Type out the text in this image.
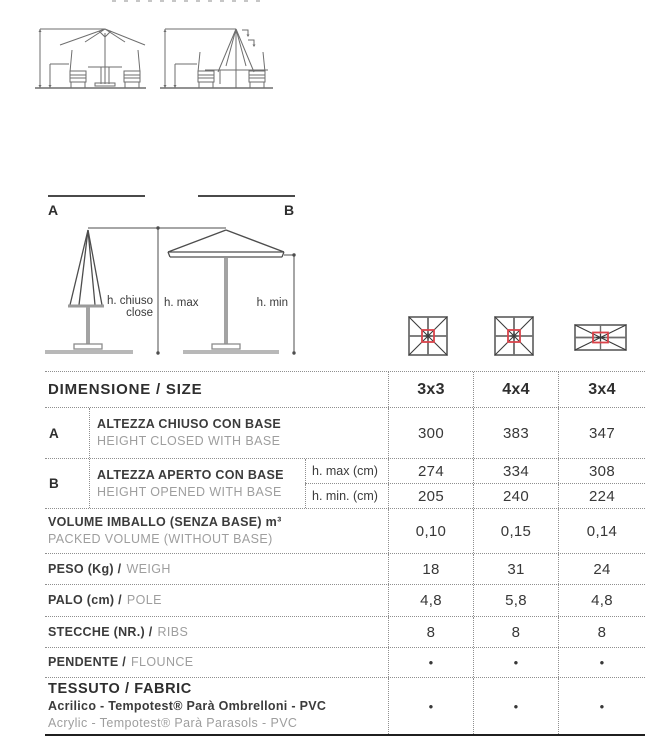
A	B
h. chiuso
close
h. max	h. min
DIMENSIONE / SIZE	3x3	4x4	3x4
A
ALTEZZA CHIUSO CON BASE
HEIGHT CLOSED WITH BASE	300	383	347
B
ALTEZZA APERTO CON BASE
HEIGHT OPENED WITH BASE
h. max (cm)	274	334	308
h. min. (cm)	205	240	224
VOLUME IMBALLO (SENZA BASE) m³
PACKED VOLUME (WITHOUT BASE)	0,10	0,15	0,14
PESO (Kg) / WEIGH	18	31	24
PALO (cm) / POLE	4,8	5,8	4,8
STECCHE (NR.) / RIBS	8	8	8
PENDENTE / FLOUNCE	•	•	•
TESSUTO / FABRIC
Acrilico - Tempotest® Parà Ombrelloni - PVC
Acrylic - Tempotest® Parà Parasols - PVC
•	•	•
